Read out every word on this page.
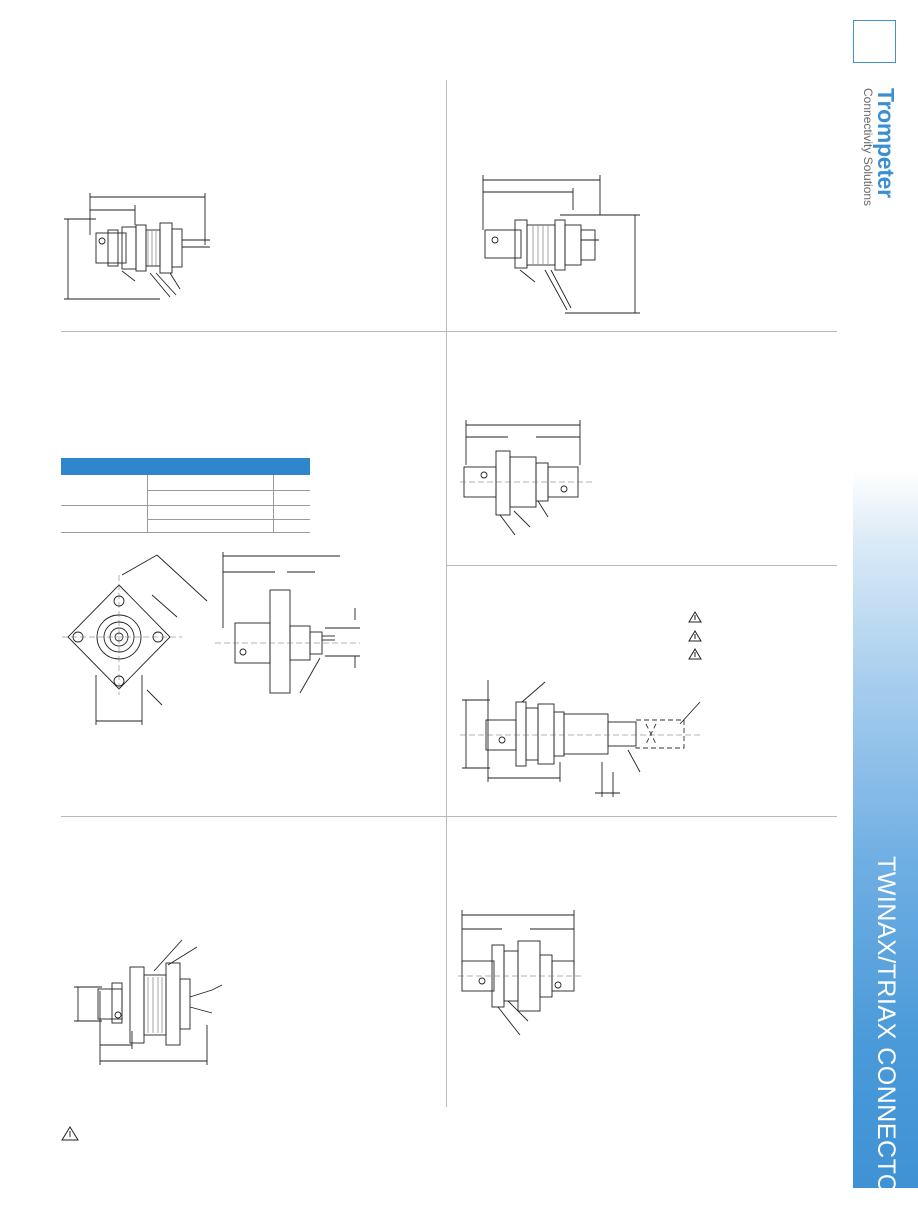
Trompeter
Connectivity Solutions
TWINAX/TRIAX CONNECTORS
